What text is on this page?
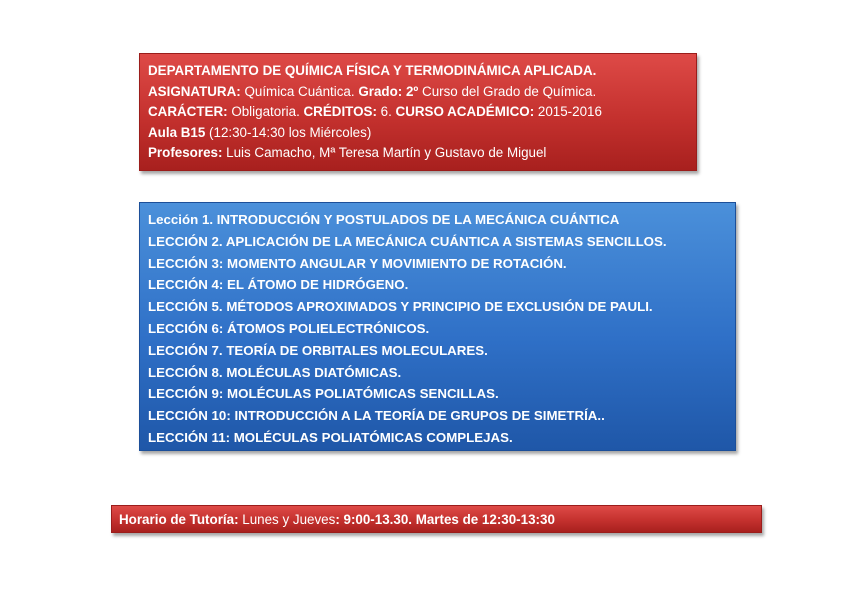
DEPARTAMENTO DE QUÍMICA FÍSICA Y TERMODINÁMICA APLICADA.
ASIGNATURA: Química Cuántica. Grado: 2º Curso del Grado de Química.
CARÁCTER: Obligatoria. CRÉDITOS: 6. CURSO ACADÉMICO: 2015-2016
Aula B15 (12:30-14:30 los Miércoles)
Profesores: Luis Camacho, Mª Teresa Martín y Gustavo de Miguel
Lección 1. INTRODUCCIÓN Y POSTULADOS DE LA MECÁNICA CUÁNTICA
LECCIÓN 2. APLICACIÓN DE LA MECÁNICA CUÁNTICA A SISTEMAS SENCILLOS.
LECCIÓN 3: MOMENTO ANGULAR Y MOVIMIENTO DE ROTACIÓN.
LECCIÓN 4: EL ÁTOMO DE HIDRÓGENO.
LECCIÓN 5. MÉTODOS APROXIMADOS Y PRINCIPIO DE EXCLUSIÓN DE PAULI.
LECCIÓN 6: ÁTOMOS POLIELECTRÓNICOS.
LECCIÓN 7. TEORÍA DE ORBITALES MOLECULARES.
LECCIÓN 8. MOLÉCULAS DIATÓMICAS.
LECCIÓN 9: MOLÉCULAS POLIATÓMICAS SENCILLAS.
LECCIÓN 10: INTRODUCCIÓN A LA TEORÍA DE GRUPOS DE SIMETRÍA..
LECCIÓN 11: MOLÉCULAS POLIATÓMICAS COMPLEJAS.
Horario de Tutoría: Lunes y Jueves: 9:00-13.30. Martes de 12:30-13:30
